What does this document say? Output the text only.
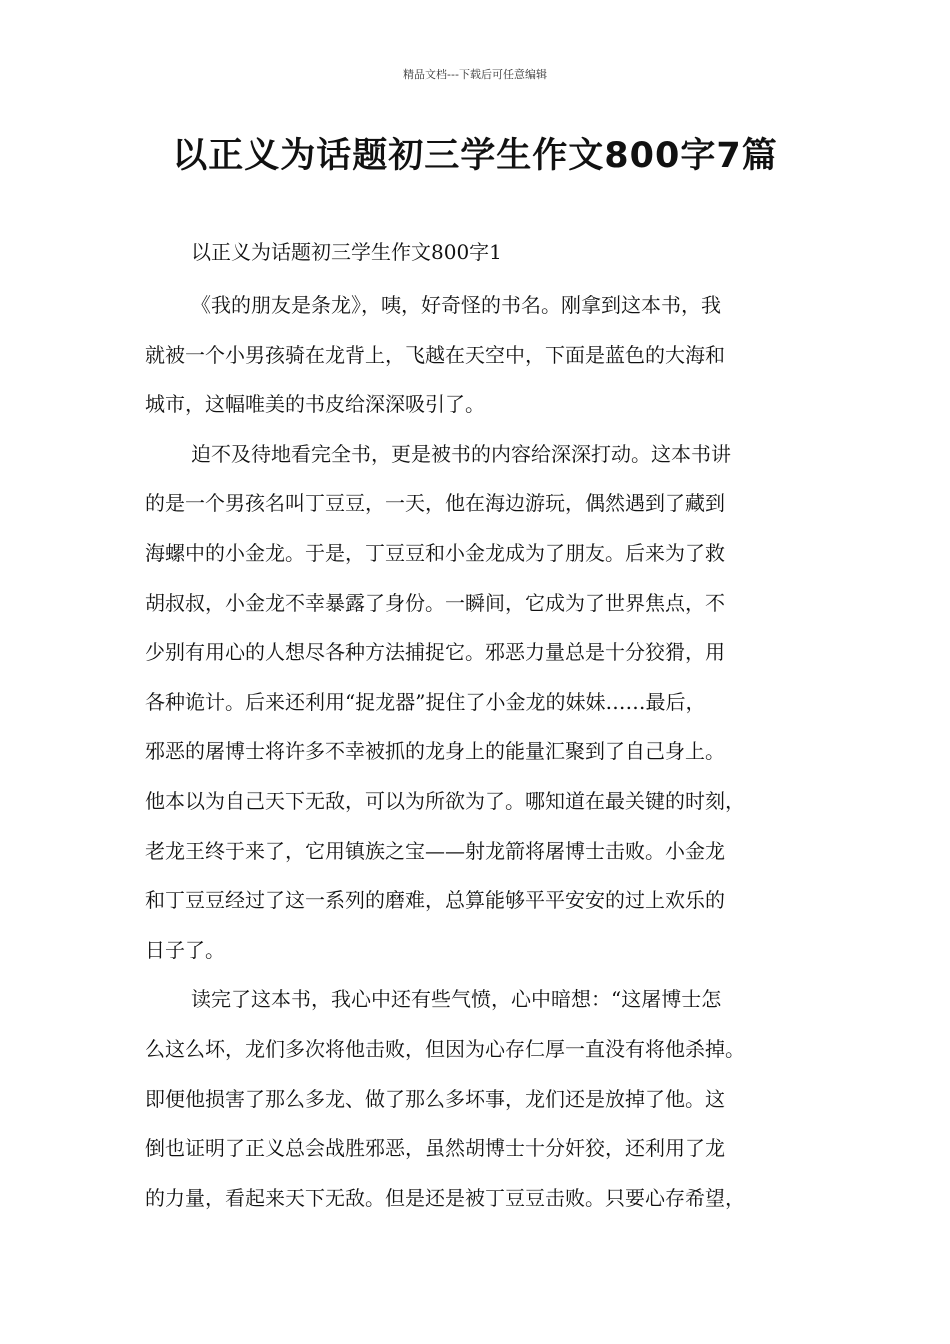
精品文档---下载后可任意编辑
以正义为话题初三学生作文800字7篇
以正义为话题初三学生作文800字1
《我的朋友是条龙》，咦，好奇怪的书名。刚拿到这本书，我
就被一个小男孩骑在龙背上，飞越在天空中，下面是蓝色的大海和
城市，这幅唯美的书皮给深深吸引了。
迫不及待地看完全书，更是被书的内容给深深打动。这本书讲
的是一个男孩名叫丁豆豆，一天，他在海边游玩，偶然遇到了藏到
海螺中的小金龙。于是，丁豆豆和小金龙成为了朋友。后来为了救
胡叔叔，小金龙不幸暴露了身份。一瞬间，它成为了世界焦点，不
少别有用心的人想尽各种方法捕捉它。邪恶力量总是十分狡猾，用
各种诡计。后来还利用“捉龙器”捉住了小金龙的妹妹……最后，
邪恶的屠博士将许多不幸被抓的龙身上的能量汇聚到了自己身上。
他本以为自己天下无敌，可以为所欲为了。哪知道在最关键的时刻，
老龙王终于来了，它用镇族之宝——射龙箭将屠博士击败。小金龙
和丁豆豆经过了这一系列的磨难，总算能够平平安安的过上欢乐的
日子了。
读完了这本书，我心中还有些气愤，心中暗想：“这屠博士怎
么这么坏，龙们多次将他击败，但因为心存仁厚一直没有将他杀掉。
即便他损害了那么多龙、做了那么多坏事，龙们还是放掉了他。这
倒也证明了正义总会战胜邪恶，虽然胡博士十分奸狡，还利用了龙
的力量，看起来天下无敌。但是还是被丁豆豆击败。只要心存希望，
